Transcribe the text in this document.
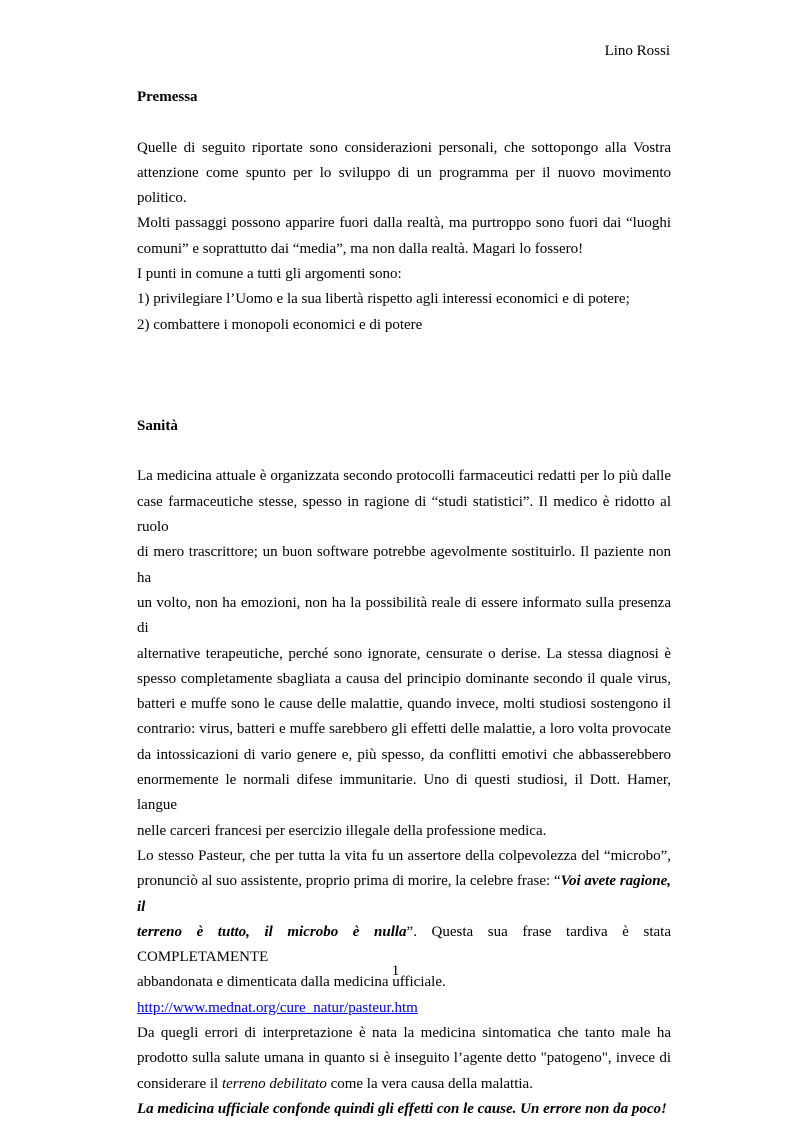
Lino Rossi
Premessa
Quelle di seguito riportate sono considerazioni personali, che sottopongo alla Vostra
attenzione come spunto per lo sviluppo di un programma per il nuovo movimento politico.
Molti passaggi possono apparire fuori dalla realtà, ma purtroppo sono fuori dai “luoghi
comuni” e soprattutto dai “media”, ma non dalla realtà. Magari lo fossero!
I punti in comune a tutti gli argomenti sono:
1) privilegiare l’Uomo e la sua libertà rispetto agli interessi economici e di potere;
2) combattere i monopoli economici e di potere
Sanità
La medicina attuale è organizzata secondo protocolli farmaceutici redatti per lo più dalle
case farmaceutiche stesse, spesso in ragione di “studi statistici”. Il medico è ridotto al ruolo
di mero trascrittore; un buon software potrebbe agevolmente sostituirlo. Il paziente non ha
un volto, non ha emozioni, non ha la possibilità reale di essere informato sulla presenza di
alternative terapeutiche, perché sono ignorate, censurate o derise. La stessa diagnosi è
spesso completamente sbagliata a causa del principio dominante secondo il quale virus,
batteri e muffe sono le cause delle malattie, quando invece, molti studiosi sostengono il
contrario: virus, batteri e muffe sarebbero gli effetti delle malattie, a loro volta provocate
da intossicazioni di vario genere e, più spesso, da conflitti emotivi che abbasserebbero
enormemente le normali difese immunitarie. Uno di questi studiosi, il Dott. Hamer, langue
nelle carceri francesi per esercizio illegale della professione medica.
Lo stesso Pasteur, che per tutta la vita fu un assertore della colpevolezza del “microbo”,
pronunciò al suo assistente, proprio prima di morire, la celebre frase: “Voi avete ragione, il
terreno è tutto, il microbo è nulla”. Questa sua frase tardiva è stata COMPLETAMENTE
abbandonata e dimenticata dalla medicina ufficiale.
http://www.mednat.org/cure_natur/pasteur.htm
Da quegli errori di interpretazione è nata la medicina sintomatica che tanto male ha
prodotto sulla salute umana in quanto si è inseguito l’agente detto "patogeno", invece di
considerare il terreno debilitato come la vera causa della malattia.
La medicina ufficiale confonde quindi gli effetti con le cause. Un errore non da poco!
1
